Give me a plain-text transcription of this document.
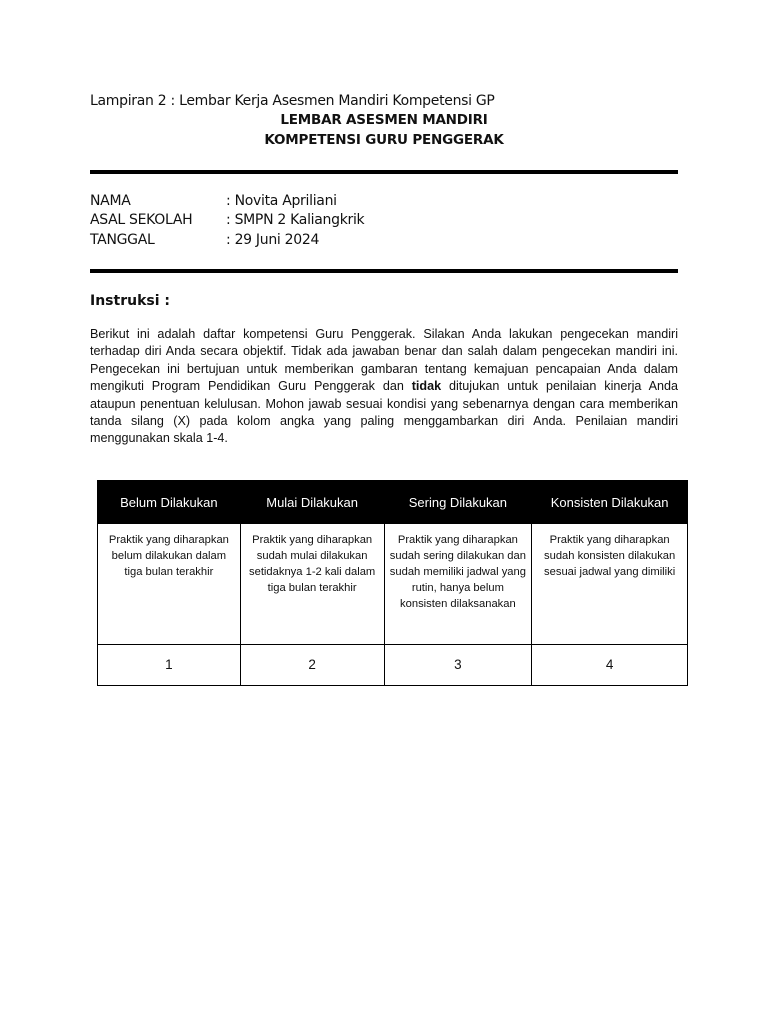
Lampiran 2 : Lembar Kerja Asesmen Mandiri Kompetensi GP
LEMBAR ASESMEN MANDIRI
KOMPETENSI GURU PENGGERAK
NAMA	: Novita Apriliani
ASAL SEKOLAH : SMPN 2 Kaliangkrik
TANGGAL	: 29 Juni 2024
Instruksi :
Berikut ini adalah daftar kompetensi Guru Penggerak. Silakan Anda lakukan pengecekan mandiri terhadap diri Anda secara objektif. Tidak ada jawaban benar dan salah dalam pengecekan mandiri ini. Pengecekan ini bertujuan untuk memberikan gambaran tentang kemajuan pencapaian Anda dalam mengikuti Program Pendidikan Guru Penggerak dan tidak ditujukan untuk penilaian kinerja Anda ataupun penentuan kelulusan. Mohon jawab sesuai kondisi yang sebenarnya dengan cara memberikan tanda silang (X) pada kolom angka yang paling menggambarkan diri Anda. Penilaian mandiri menggunakan skala 1-4.
Belum Dilakukan	Mulai Dilakukan	Sering Dilakukan	Konsisten Dilakukan
Praktik yang diharapkan belum dilakukan dalam tiga bulan terakhir	Praktik yang diharapkan sudah mulai dilakukan setidaknya 1-2 kali dalam tiga bulan terakhir	Praktik yang diharapkan sudah sering dilakukan dan sudah memiliki jadwal yang rutin, hanya belum konsisten dilaksanakan	Praktik yang diharapkan sudah konsisten dilakukan sesuai jadwal yang dimiliki
1	2	3	4
